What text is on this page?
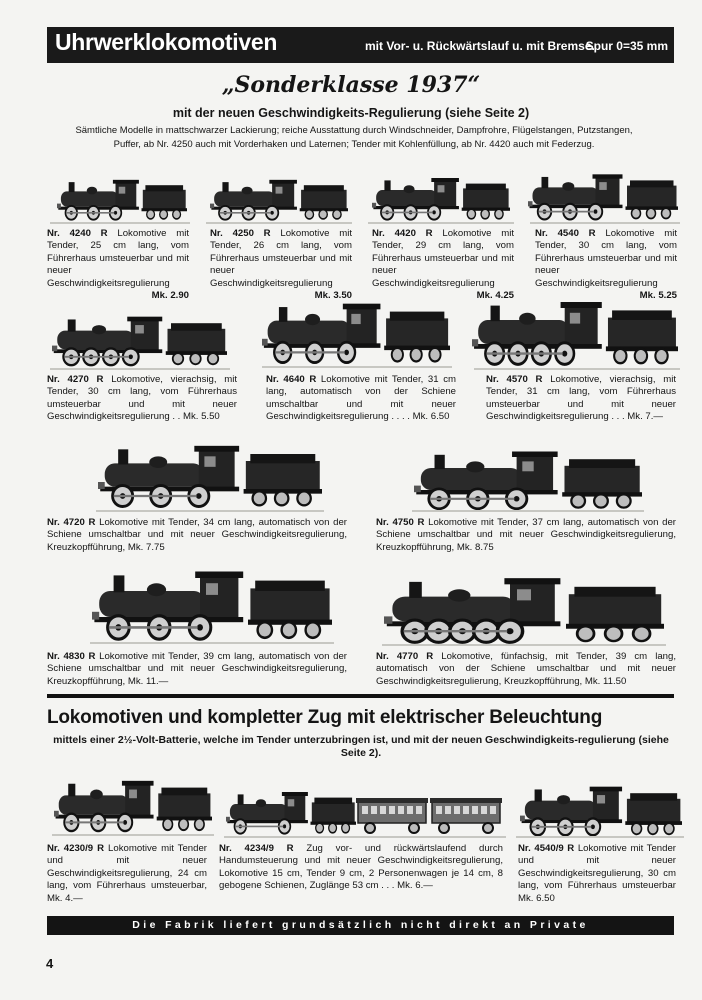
Uhrwerklokomotiven	mit Vor- u. Rückwärtslauf u. mit Bremse.
Spur 0=35 mm
„Sonderklasse 1937“
mit der neuen Geschwindigkeits-Regulierung (siehe Seite 2)
Sämtliche Modelle in mattschwarzer Lackierung; reiche Ausstattung durch Windschneider, Dampfrohre, Flügelstangen, Putzstangen,
Puffer, ab Nr. 4250 auch mit Vorderhaken und Laternen; Tender mit Kohlenfüllung, ab Nr. 4420 auch mit Federzug.
Nr. 4240 R Lokomotive mit Tender, 25 cm lang, vom Führerhaus umsteuerbar und mit neuer Geschwindigkeitsregulierung
Mk. 2.90
Nr. 4250 R Lokomotive mit Tender, 26 cm lang, vom Führerhaus umsteuerbar und mit neuer Geschwindigkeitsregulierung
Mk. 3.50
Nr. 4420 R Lokomotive mit Tender, 29 cm lang, vom Führerhaus umsteuerbar und mit neuer Geschwindigkeitsregulierung
Mk. 4.25
Nr. 4540 R Lokomotive mit Tender, 30 cm lang, vom Führerhaus umsteuerbar und mit neuer Geschwindigkeitsregulierung
Mk. 5.25
Nr. 4270 R Lokomotive, vierachsig, mit Tender, 30 cm lang, vom Führerhaus umsteuerbar und mit neuer Geschwindigkeitsregulierung . . Mk. 5.50
Nr. 4640 R Lokomotive mit Tender, 31 cm lang, automatisch von der Schiene umschaltbar und mit neuer Geschwindigkeitsregulierung . . . . Mk. 6.50
Nr. 4570 R Lokomotive, vierachsig, mit Tender, 31 cm lang, vom Führerhaus umsteuerbar und mit neuer Geschwindigkeitsregulierung . . . Mk. 7.—
Nr. 4720 R Lokomotive mit Tender, 34 cm lang, automatisch von der Schiene umschaltbar und mit neuer Geschwindigkeitsregulierung, Kreuzkopfführung, Mk. 7.75
Nr. 4750 R Lokomotive mit Tender, 37 cm lang, automatisch von der Schiene umschaltbar und mit neuer Geschwindigkeitsregulierung, Kreuzkopfführung, Mk. 8.75
Nr. 4830 R Lokomotive mit Tender, 39 cm lang, automatisch von der Schiene umschaltbar und mit neuer Geschwindigkeitsregulierung, Kreuzkopfführung, Mk. 11.—
Nr. 4770 R Lokomotive, fünfachsig, mit Tender, 39 cm lang, automatisch von der Schiene umschaltbar und mit neuer Geschwindigkeitsregulierung, Kreuzkopfführung, Mk. 11.50
Lokomotiven und kompletter Zug mit elektrischer Beleuchtung
mittels einer 2½-Volt-Batterie, welche im Tender unterzubringen ist, und mit der neuen Geschwindigkeits-regulierung (siehe Seite 2).
Nr. 4230/9 R Lokomotive mit Tender und mit neuer Geschwindigkeitsregulierung, 24 cm lang, vom Führerhaus umsteuerbar, Mk. 4.—
Nr. 4234/9 R Zug vor- und rückwärtslaufend durch Handumsteuerung und mit neuer Geschwindigkeitsregulierung, Lokomotive 15 cm, Tender 9 cm, 2 Personenwagen je 14 cm, 8 gebogene Schienen, Zuglänge 53 cm . . . Mk. 6.—
Nr. 4540/9 R Lokomotive mit Tender und mit neuer Geschwindigkeitsregulierung, 30 cm lang, vom Führerhaus umsteuerbar Mk. 6.50
Die Fabrik liefert grundsätzlich nicht direkt an Private
4
